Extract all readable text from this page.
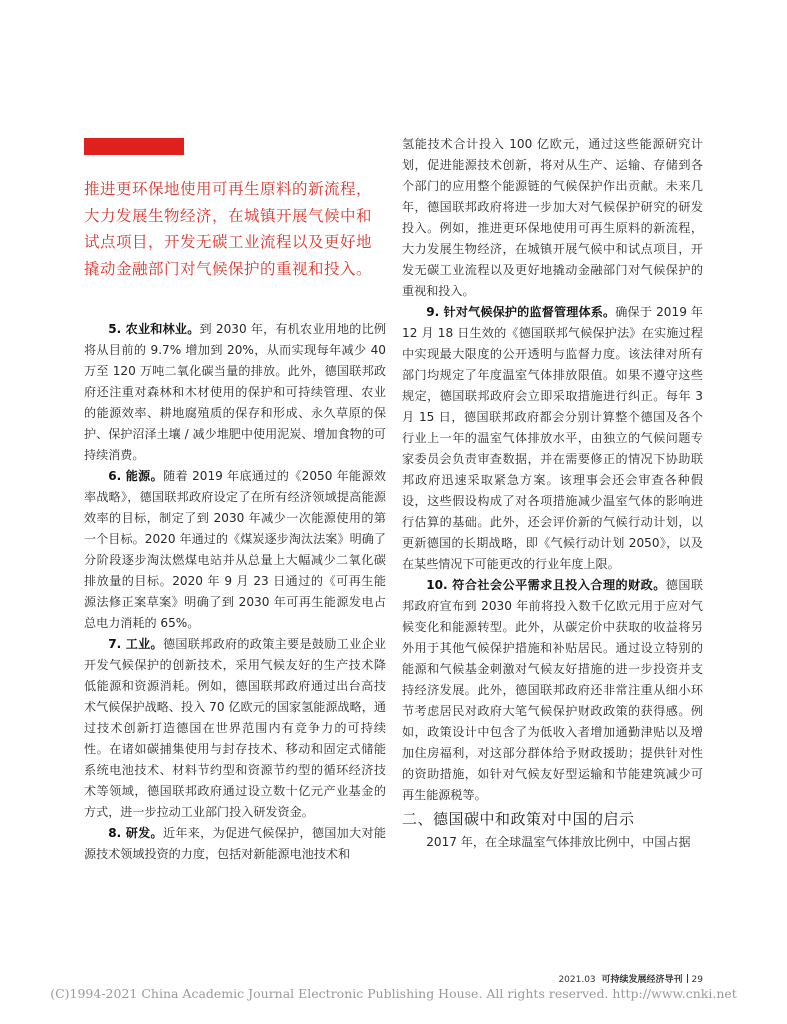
推进更环保地使用可再生原料的新流程，大力发展生物经济，在城镇开展气候中和试点项目，开发无碳工业流程以及更好地撬动金融部门对气候保护的重视和投入。

5. 农业和林业。到 2030 年，有机农业用地的比例将从目前的 9.7% 增加到 20%，从而实现每年减少 40 万至 120 万吨二氧化碳当量的排放。此外，德国联邦政府还注重对森林和木材使用的保护和可持续管理、农业的能源效率、耕地腐殖质的保存和形成、永久草原的保护、保护沼泽土壤 / 减少堆肥中使用泥炭、增加食物的可持续消费。

6. 能源。随着 2019 年底通过的《2050 年能源效率战略》，德国联邦政府设定了在所有经济领域提高能源效率的目标，制定了到 2030 年减少一次能源使用的第一个目标。2020 年通过的《煤炭逐步淘汰法案》明确了分阶段逐步淘汰燃煤电站并从总量上大幅减少二氧化碳排放量的目标。2020 年 9 月 23 日通过的《可再生能源法修正案草案》明确了到 2030 年可再生能源发电占总电力消耗的 65%。

7. 工业。德国联邦政府的政策主要是鼓励工业企业开发气候保护的创新技术，采用气候友好的生产技术降低能源和资源消耗。例如，德国联邦政府通过出台高技术气候保护战略、投入 70 亿欧元的国家氢能源战略，通过技术创新打造德国在世界范围内有竞争力的可持续性。在诸如碳捕集使用与封存技术、移动和固定式储能系统电池技术、材料节约型和资源节约型的循环经济技术等领域，德国联邦政府通过设立数十亿元产业基金的方式，进一步拉动工业部门投入研发资金。

8. 研发。近年来，为促进气候保护，德国加大对能源技术领域投资的力度，包括对新能源电池技术和

氢能技术合计投入 100 亿欧元，通过这些能源研究计划，促进能源技术创新，将对从生产、运输、存储到各个部门的应用整个能源链的气候保护作出贡献。未来几年，德国联邦政府将进一步加大对气候保护研究的研发投入。例如，推进更环保地使用可再生原料的新流程，大力发展生物经济，在城镇开展气候中和试点项目，开发无碳工业流程以及更好地撬动金融部门对气候保护的重视和投入。

9. 针对气候保护的监督管理体系。确保于 2019 年 12 月 18 日生效的《德国联邦气候保护法》在实施过程中实现最大限度的公开透明与监督力度。该法律对所有部门均规定了年度温室气体排放限值。如果不遵守这些规定，德国联邦政府会立即采取措施进行纠正。每年 3 月 15 日，德国联邦政府都会分别计算整个德国及各个行业上一年的温室气体排放水平，由独立的气候问题专家委员会负责审查数据，并在需要修正的情况下协助联邦政府迅速采取紧急方案。该理事会还会审查各种假设，这些假设构成了对各项措施减少温室气体的影响进行估算的基础。此外，还会评价新的气候行动计划，以更新德国的长期战略，即《气候行动计划 2050》，以及在某些情况下可能更改的行业年度上限。

10. 符合社会公平需求且投入合理的财政。德国联邦政府宣布到 2030 年前将投入数千亿欧元用于应对气候变化和能源转型。此外，从碳定价中获取的收益将另外用于其他气候保护措施和补贴居民。通过设立特别的能源和气候基金刺激对气候友好措施的进一步投资并支持经济发展。此外，德国联邦政府还非常注重从细小环节考虑居民对政府大笔气候保护财政政策的获得感。例如，政策设计中包含了为低收入者增加通勤津贴以及增加住房福利，对这部分群体给予财政援助；提供针对性的资助措施，如针对气候友好型运输和节能建筑减少可再生能源税等。

二、德国碳中和政策对中国的启示

2017 年，在全球温室气体排放比例中，中国占据

2021.03 可持续发展经济导刊 29
(C)1994-2021 China Academic Journal Electronic Publishing House. All rights reserved. http://www.cnki.net
